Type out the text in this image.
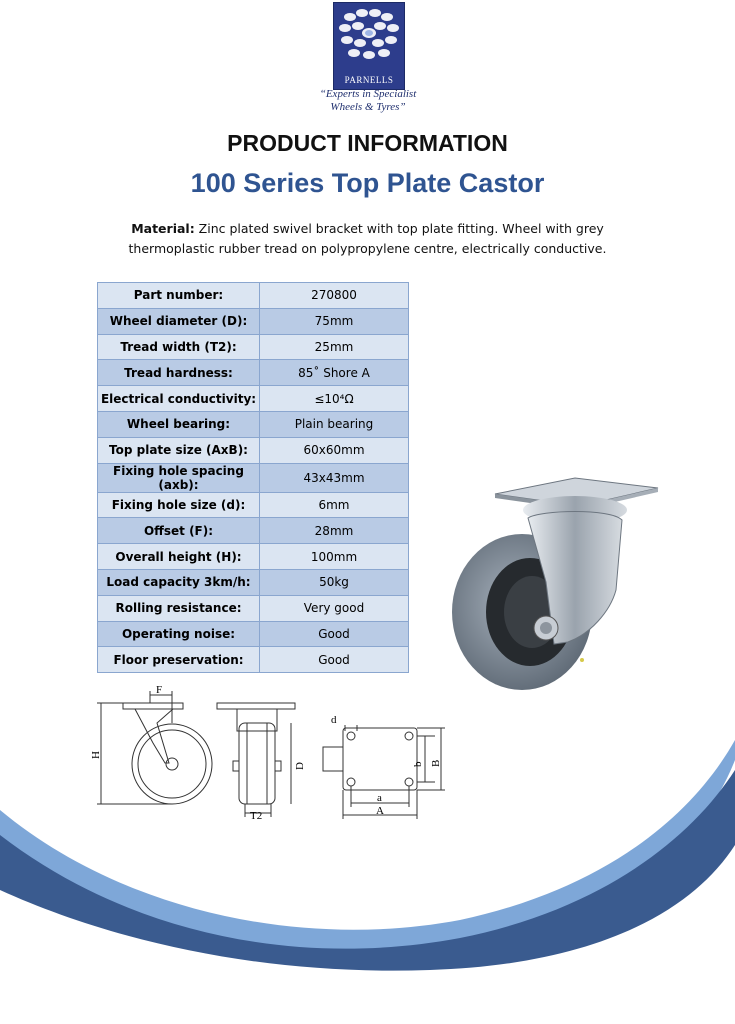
PARNELLS
“Experts in Specialist
Wheels & Tyres”
PRODUCT INFORMATION
100 Series Top Plate Castor
Material: Zinc plated swivel bracket with top plate fitting. Wheel with grey
thermoplastic rubber tread on polypropylene centre, electrically conductive.
Part number:	270800
Wheel diameter (D):	75mm
Tread width (T2):	25mm
Tread hardness:	85˚ Shore A
Electrical conductivity:	≤10⁴Ω
Wheel bearing:	Plain bearing
Top plate size (AxB):	60x60mm
Fixing hole spacing (axb):	43x43mm
Fixing hole size (d):	6mm
Offset (F):	28mm
Overall height (H):	100mm
Load capacity 3km/h:	50kg
Rolling resistance:	Very good
Operating noise:	Good
Floor preservation:	Good
F
H
D
T2
d
a
A
b B
